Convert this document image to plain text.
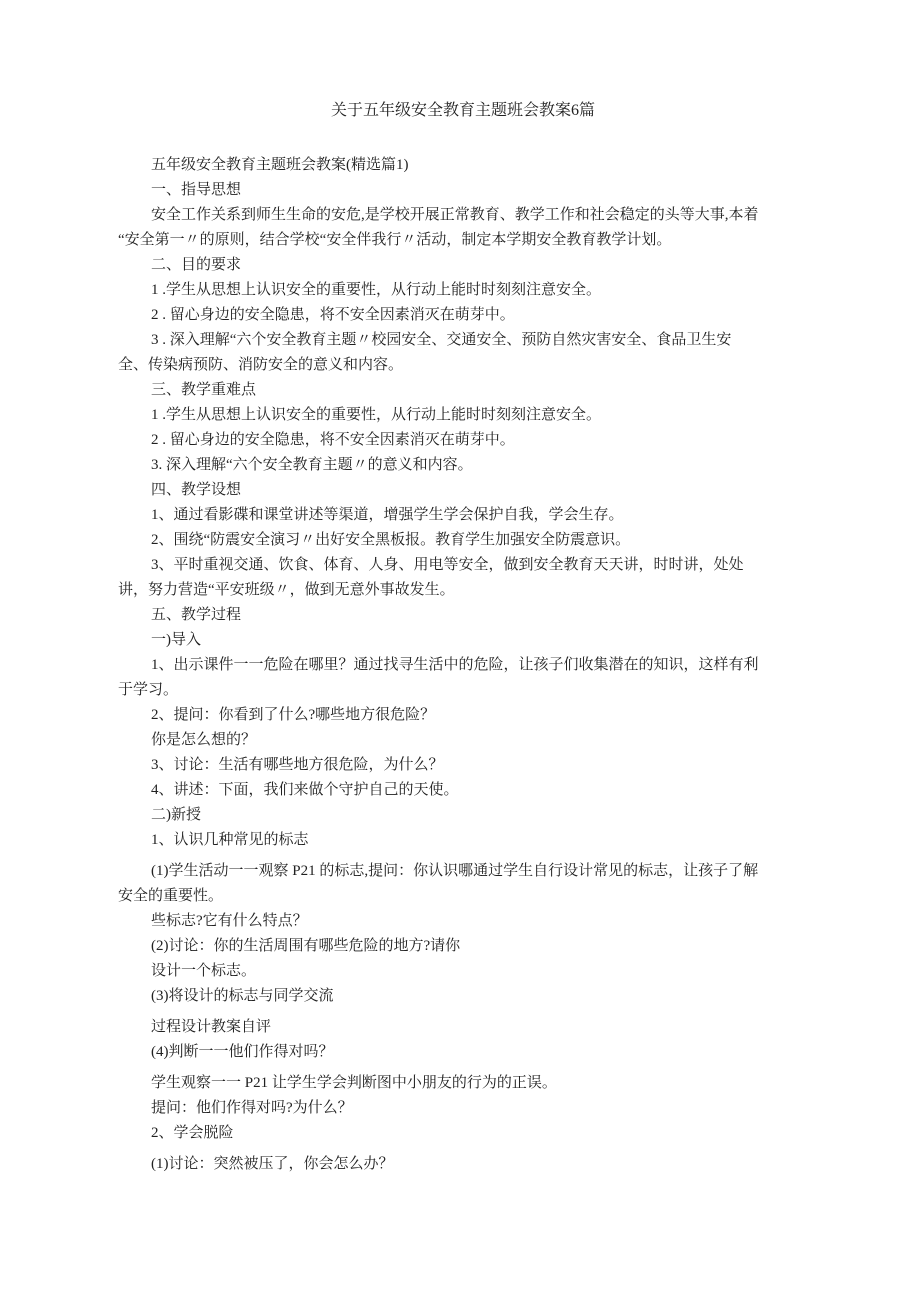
关于五年级安全教育主题班会教案6篇
五年级安全教育主题班会教案(精选篇1)
一、指导思想
安全工作关系到师生生命的安危,是学校开展正常教育、教学工作和社会稳定的头等大事,本着
“安全第一〃的原则，结合学校“安全伴我行〃活动，制定本学期安全教育教学计划。
二、目的要求
1 .学生从思想上认识安全的重要性，从行动上能时时刻刻注意安全。
2 . 留心身边的安全隐患，将不安全因素消灭在萌芽中。
3 . 深入理解“六个安全教育主题〃校园安全、交通安全、预防自然灾害安全、食品卫生安
全、传染病预防、消防安全的意义和内容。
三、教学重难点
1 .学生从思想上认识安全的重要性，从行动上能时时刻刻注意安全。
2 . 留心身边的安全隐患，将不安全因素消灭在萌芽中。
3. 深入理解“六个安全教育主题〃的意义和内容。
四、教学设想
1、通过看影碟和课堂讲述等渠道，增强学生学会保护自我，学会生存。
2、围绕“防震安全演习〃出好安全黑板报。教育学生加强安全防震意识。
3、平时重视交通、饮食、体育、人身、用电等安全，做到安全教育天天讲，时时讲，处处
讲，努力营造“平安班级〃，做到无意外事故发生。
五、教学过程
一)导入
1、出示课件一一危险在哪里？通过找寻生活中的危险，让孩子们收集潜在的知识，这样有利
于学习。
2、提问：你看到了什么?哪些地方很危险？
你是怎么想的？
3、讨论：生活有哪些地方很危险，为什么？
4、讲述：下面，我们来做个守护自己的天使。
二)新授
1、认识几种常见的标志
(1)学生活动一一观察 P21 的标志,提问：你认识哪通过学生自行设计常见的标志，让孩子了解
安全的重要性。
些标志?它有什么特点？
(2)讨论：你的生活周围有哪些危险的地方?请你
设计一个标志。
(3)将设计的标志与同学交流
过程设计教案自评
(4)判断一一他们作得对吗？
学生观察一一 P21 让学生学会判断图中小朋友的行为的正误。
提问：他们作得对吗?为什么？
2、学会脱险
(1)讨论：突然被压了，你会怎么办？
